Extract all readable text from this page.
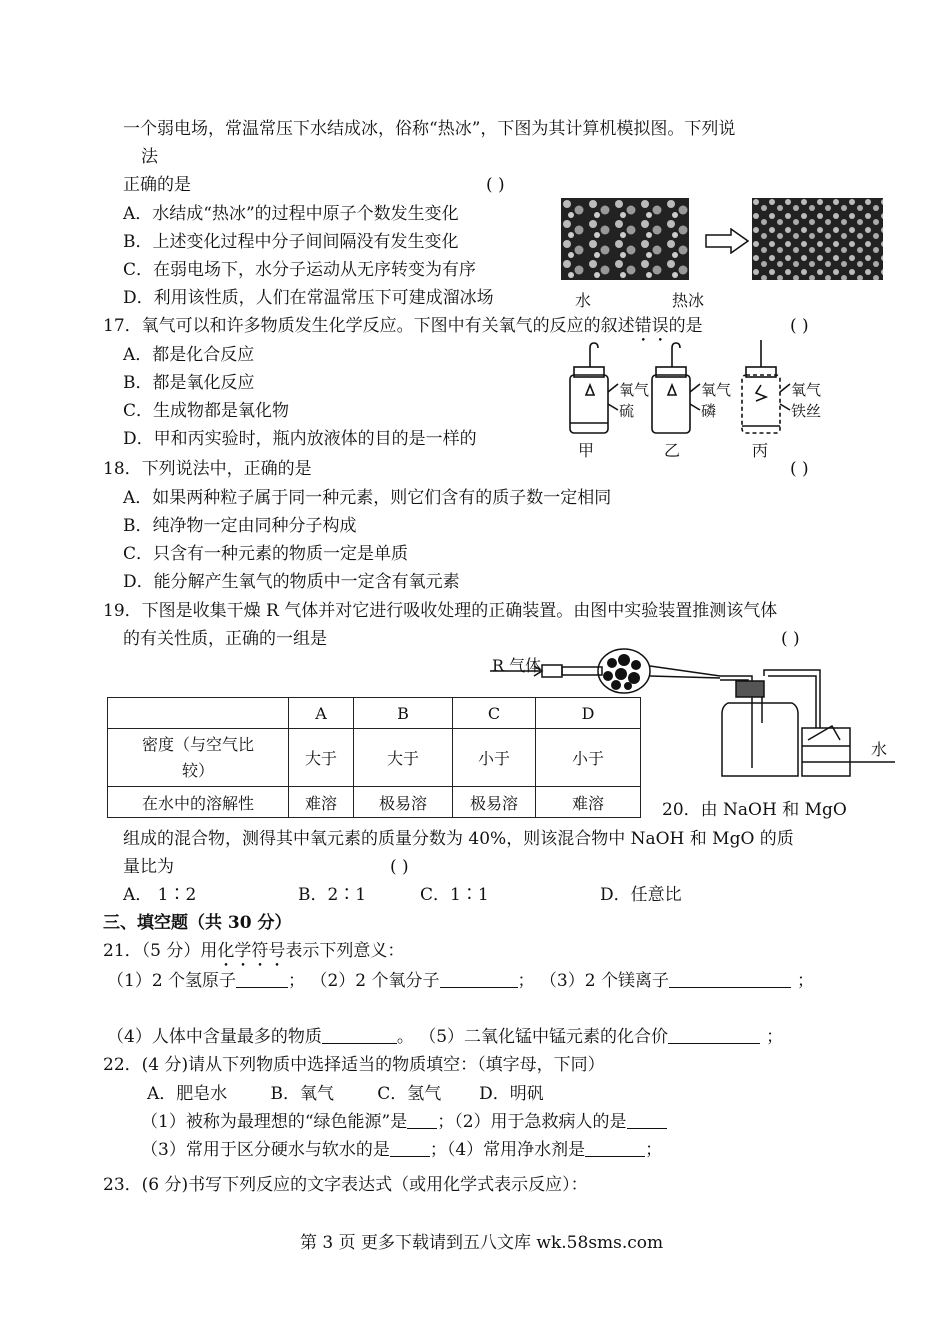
一个弱电场，常温常压下水结成冰，俗称“热冰”，下图为其计算机模拟图。下列说
法
正确的是	( )
A．水结成“热冰”的过程中原子个数发生变化
B．上述变化过程中分子间间隔没有发生变化
C．在弱电场下，水分子运动从无序转变为有序
D．利用该性质，人们在常温常压下可建成溜冰场	水	热冰
17．氧气可以和许多物质发生化学反应。下图中有关氧气的反应的叙述错误的是	( )
A．都是化合反应
B．都是氧化反应
C．生成物都是氧化物
D．甲和丙实验时，瓶内放液体的目的是一样的
氧气
硫
氧气
磷
氧气
铁丝
甲	乙	丙
18．下列说法中，正确的是	( )
A．如果两种粒子属于同一种元素，则它们含有的质子数一定相同
B．纯净物一定由同种分子构成
C．只含有一种元素的物质一定是单质
D．能分解产生氧气的物质中一定含有氧元素
19．下图是收集干燥 R 气体并对它进行吸收处理的正确装置。由图中实验装置推测该气体
的有关性质，正确的一组是	( )
R 气体
水
	A	B	C	D
密度（与空气比较）	大于	大于	小于	小于
在水中的溶解性	难溶	极易溶	极易溶	难溶	20．由 NaOH 和 MgO
组成的混合物，测得其中氧元素的质量分数为 40%，则该混合物中 NaOH 和 MgO 的质
量比为	( )
A． 1∶2	B．2∶1	C．1∶1	D．任意比
三、填空题（共 30 分）
21．（5 分）用化学符号表示下列意义：
（1）2 个氢原子	； （2）2 个氧分子	； （3）2 个镁离子	；
（4）人体中含量最多的物质	。 （5）二氧化锰中锰元素的化合价	；
22．(4 分)请从下列物质中选择适当的物质填空：（填字母，下同）
A．肥皂水        B．氧气        C．氢气       D．明矾
（1）被称为最理想的“绿色能源”是 ；（2）用于急救病人的是
（3）常用于区分硬水与软水的是 ；（4）常用净水剂是	；
23．(6 分)书写下列反应的文字表达式（或用化学式表示反应）：
第 3 页 更多下载请到五八文库 wk.58sms.com
